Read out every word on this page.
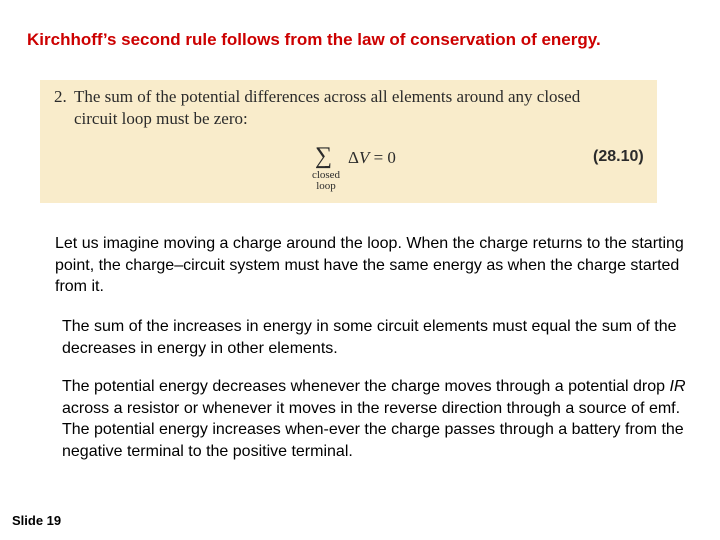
Kirchhoff’s second rule follows from the law of conservation of energy.
2. The sum of the potential differences across all elements around any closed
circuit loop must be zero:
∑
closed
loop
ΔV = 0	(28.10)
Let us imagine moving a charge around the loop. When the charge returns to the starting point, the charge–circuit system must have the same energy as when the charge started from it.
The sum of the increases in energy in some circuit elements must equal the sum of the decreases in energy in other elements.
The potential energy decreases whenever the charge moves through a potential drop IR across a resistor or whenever it moves in the reverse direction through a source of emf. The potential energy increases when-ever the charge passes through a battery from the negative terminal to the positive terminal.
Slide 19
